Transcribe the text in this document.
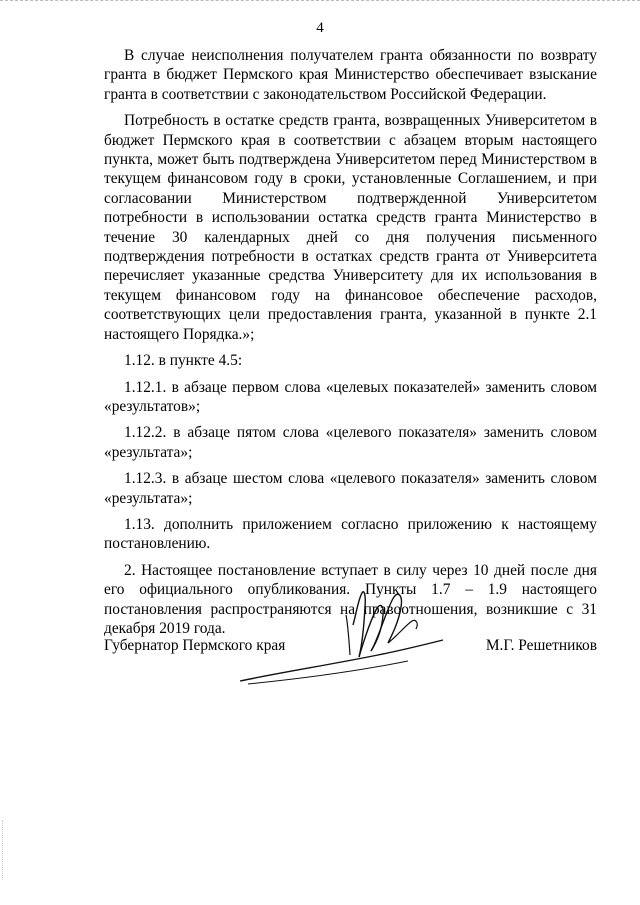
4

В случае неисполнения получателем гранта обязанности по возврату гранта в бюджет Пермского края Министерство обеспечивает взыскание гранта в соответствии с законодательством Российской Федерации.

Потребность в остатке средств гранта, возвращенных Университетом в бюджет Пермского края в соответствии с абзацем вторым настоящего пункта, может быть подтверждена Университетом перед Министерством в текущем финансовом году в сроки, установленные Соглашением, и при согласовании Министерством подтвержденной Университетом потребности в использовании остатка средств гранта Министерство в течение 30 календарных дней со дня получения письменного подтверждения потребности в остатках средств гранта от Университета перечисляет указанные средства Университету для их использования в текущем финансовом году на финансовое обеспечение расходов, соответствующих цели предоставления гранта, указанной в пункте 2.1 настоящего Порядка.»;

1.12. в пункте 4.5:

1.12.1. в абзаце первом слова «целевых показателей» заменить словом «результатов»;

1.12.2. в абзаце пятом слова «целевого показателя» заменить словом «результата»;

1.12.3. в абзаце шестом слова «целевого показателя» заменить словом «результата»;

1.13. дополнить приложением согласно приложению к настоящему постановлению.

2. Настоящее постановление вступает в силу через 10 дней после дня его официального опубликования. Пункты 1.7 – 1.9 настоящего постановления распространяются на правоотношения, возникшие с 31 декабря 2019 года.

Губернатор Пермского края	М.Г. Решетников
